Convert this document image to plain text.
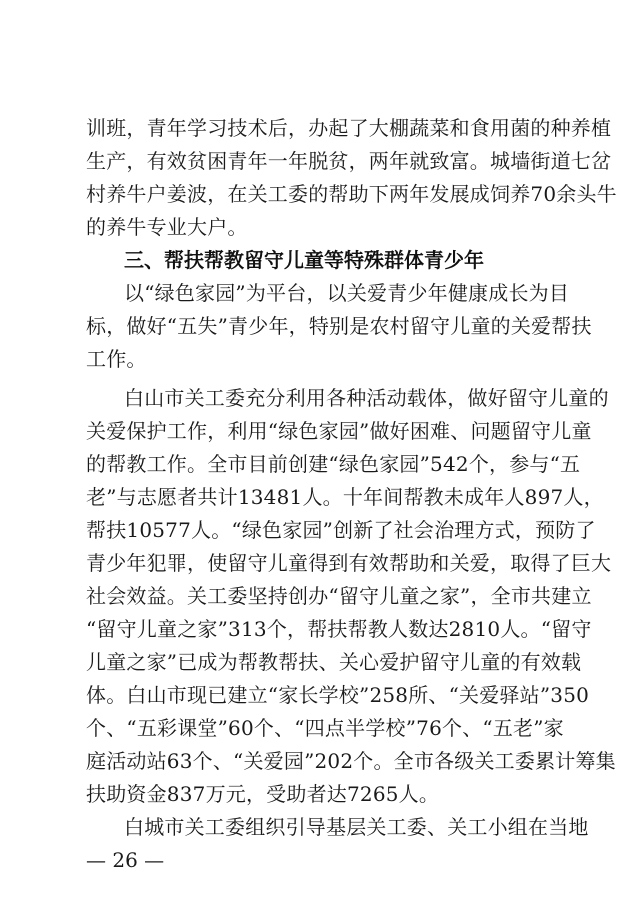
训班，青年学习技术后，办起了大棚蔬菜和食用菌的种养植
生产，有效贫困青年一年脱贫，两年就致富。城墙街道七岔
村养牛户姜波，在关工委的帮助下两年发展成饲养70余头牛
的养牛专业大户。
三、帮扶帮教留守儿童等特殊群体青少年
以“绿色家园”为平台，以关爱青少年健康成长为目
标，做好“五失”青少年，特别是农村留守儿童的关爱帮扶
工作。
白山市关工委充分利用各种活动载体，做好留守儿童的
关爱保护工作，利用“绿色家园”做好困难、问题留守儿童
的帮教工作。全市目前创建“绿色家园”542个，参与“五
老”与志愿者共计13481人。十年间帮教未成年人897人，
帮扶10577人。“绿色家园”创新了社会治理方式，预防了
青少年犯罪，使留守儿童得到有效帮助和关爱，取得了巨大
社会效益。关工委坚持创办“留守儿童之家”，全市共建立
“留守儿童之家”313个，帮扶帮教人数达2810人。“留守
儿童之家”已成为帮教帮扶、关心爱护留守儿童的有效载
体。白山市现已建立“家长学校”258所、“关爱驿站”350
个、“五彩课堂”60个、“四点半学校”76个、“五老”家
庭活动站63个、“关爱园”202个。全市各级关工委累计筹集
扶助资金837万元，受助者达7265人。
白城市关工委组织引导基层关工委、关工小组在当地
— 26 —
